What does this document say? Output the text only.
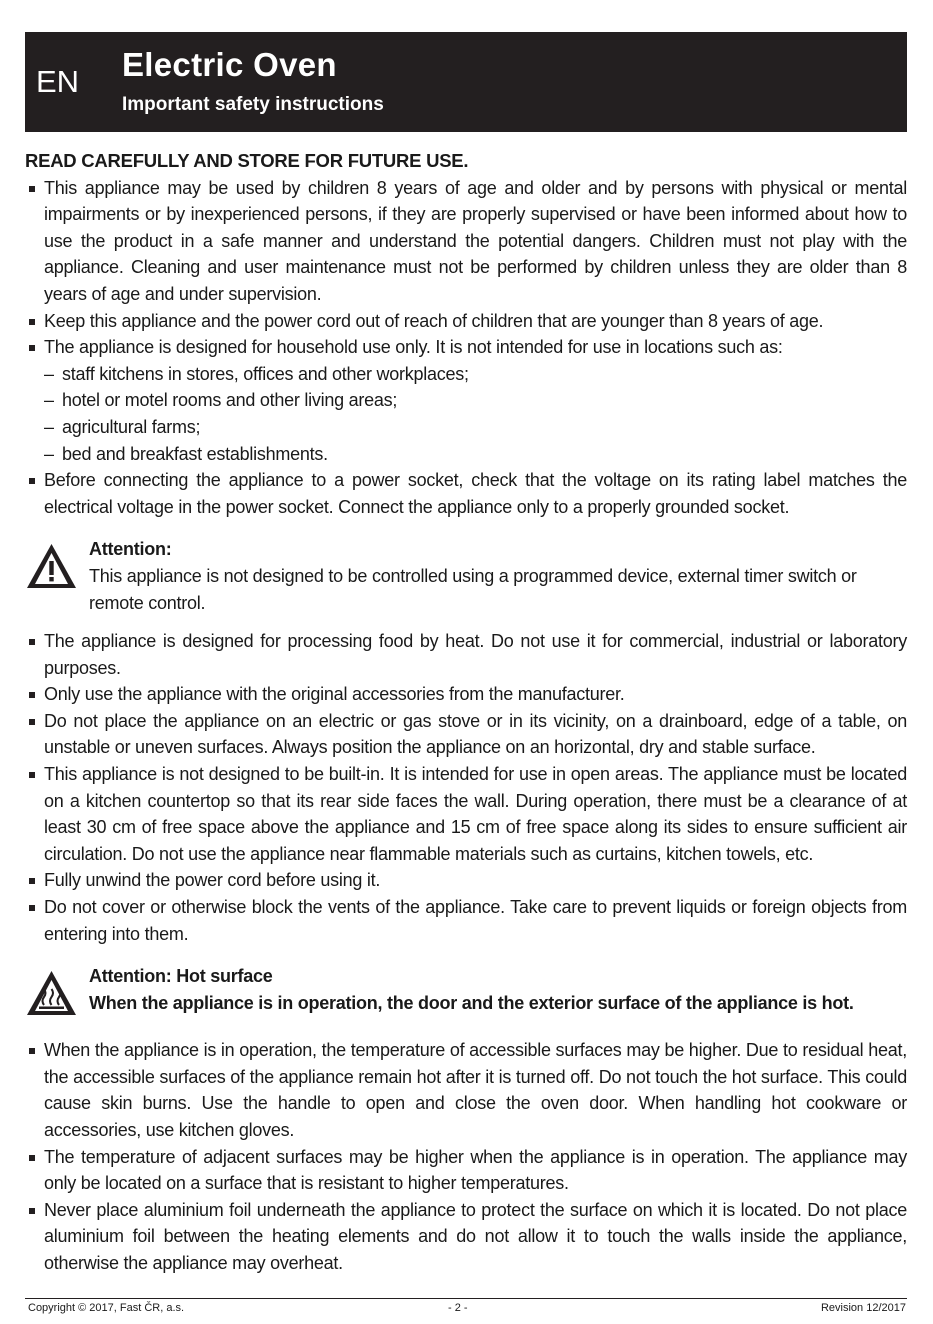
EN Electric Oven
Important safety instructions

READ CAREFULLY AND STORE FOR FUTURE USE.

This appliance may be used by children 8 years of age and older and by persons with physical or mental impairments or by inexperienced persons, if they are properly supervised or have been informed about how to use the product in a safe manner and understand the potential dangers. Children must not play with the appliance. Cleaning and user maintenance must not be performed by children unless they are older than 8 years of age and under supervision.
Keep this appliance and the power cord out of reach of children that are younger than 8 years of age.
The appliance is designed for household use only. It is not intended for use in locations such as:
– staff kitchens in stores, offices and other workplaces;
– hotel or motel rooms and other living areas;
– agricultural farms;
– bed and breakfast establishments.
Before connecting the appliance to a power socket, check that the voltage on its rating label matches the electrical voltage in the power socket. Connect the appliance only to a properly grounded socket.
Attention:
This appliance is not designed to be controlled using a programmed device, external timer switch or remote control.
The appliance is designed for processing food by heat. Do not use it for commercial, industrial or laboratory purposes.
Only use the appliance with the original accessories from the manufacturer.
Do not place the appliance on an electric or gas stove or in its vicinity, on a drainboard, edge of a table, on unstable or uneven surfaces. Always position the appliance on an horizontal, dry and stable surface.
This appliance is not designed to be built-in. It is intended for use in open areas. The appliance must be located on a kitchen countertop so that its rear side faces the wall. During operation, there must be a clearance of at least 30 cm of free space above the appliance and 15 cm of free space along its sides to ensure sufficient air circulation. Do not use the appliance near flammable materials such as curtains, kitchen towels, etc.
Fully unwind the power cord before using it.
Do not cover or otherwise block the vents of the appliance. Take care to prevent liquids or foreign objects from entering into them.
Attention: Hot surface
When the appliance is in operation, the door and the exterior surface of the appliance is hot.
When the appliance is in operation, the temperature of accessible surfaces may be higher. Due to residual heat, the accessible surfaces of the appliance remain hot after it is turned off. Do not touch the hot surface. This could cause skin burns. Use the handle to open and close the oven door. When handling hot cookware or accessories, use kitchen gloves.
The temperature of adjacent surfaces may be higher when the appliance is in operation. The appliance may only be located on a surface that is resistant to higher temperatures.
Never place aluminium foil underneath the appliance to protect the surface on which it is located. Do not place aluminium foil between the heating elements and do not allow it to touch the walls inside the appliance, otherwise the appliance may overheat.
Copyright © 2017, Fast ČR, a.s.	- 2 -	Revision 12/2017
